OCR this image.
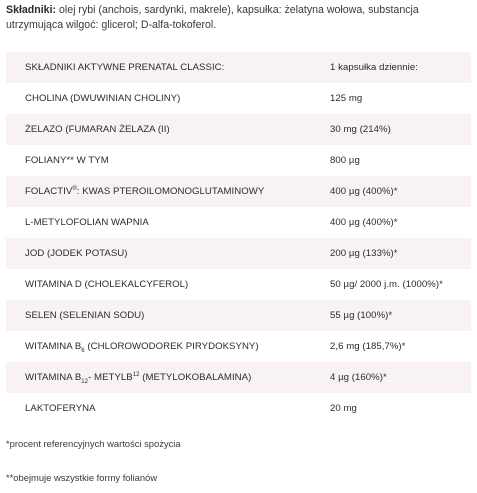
Składniki: olej rybi (anchois, sardynki, makrele), kapsułka: żelatyna wołowa, substancja utrzymująca wilgoć: glicerol; D-alfa-tokoferol.
SKŁADNIKI AKTYWNE PRENATAL CLASSIC:	1 kapsułka dziennie:
CHOLINA (DWUWINIAN CHOLINY)	125 mg
ŻELAZO (FUMARAN ŻELAZA (II)	30 mg (214%)
FOLIANY** W TYM	800 µg
FOLACTIV®: KWAS PTEROILOMONOGLUTAMINOWY	400 µg (400%)*
L-METYLOFOLIAN WAPNIA	400 µg (400%)*
JOD (JODEK POTASU)	200 µg (133%)*
WITAMINA D (CHOLEKALCYFEROL)	50 µg/ 2000 j.m. (1000%)*
SELEN (SELENIAN SODU)	55 µg (100%)*
WITAMINA $B_6$ (CHLOROWODOREK PIRYDOKSYNY)	2,6 mg (185,7%)*
WITAMINA $B_{12}-$ METYLB$^{12}$ (METYLOKOBALAMINA)	4 µg (160%)*
LAKTOFERYNA	20 mg
*procent referencyjnych wartości spożycia
**obejmuje wszystkie formy folianów
